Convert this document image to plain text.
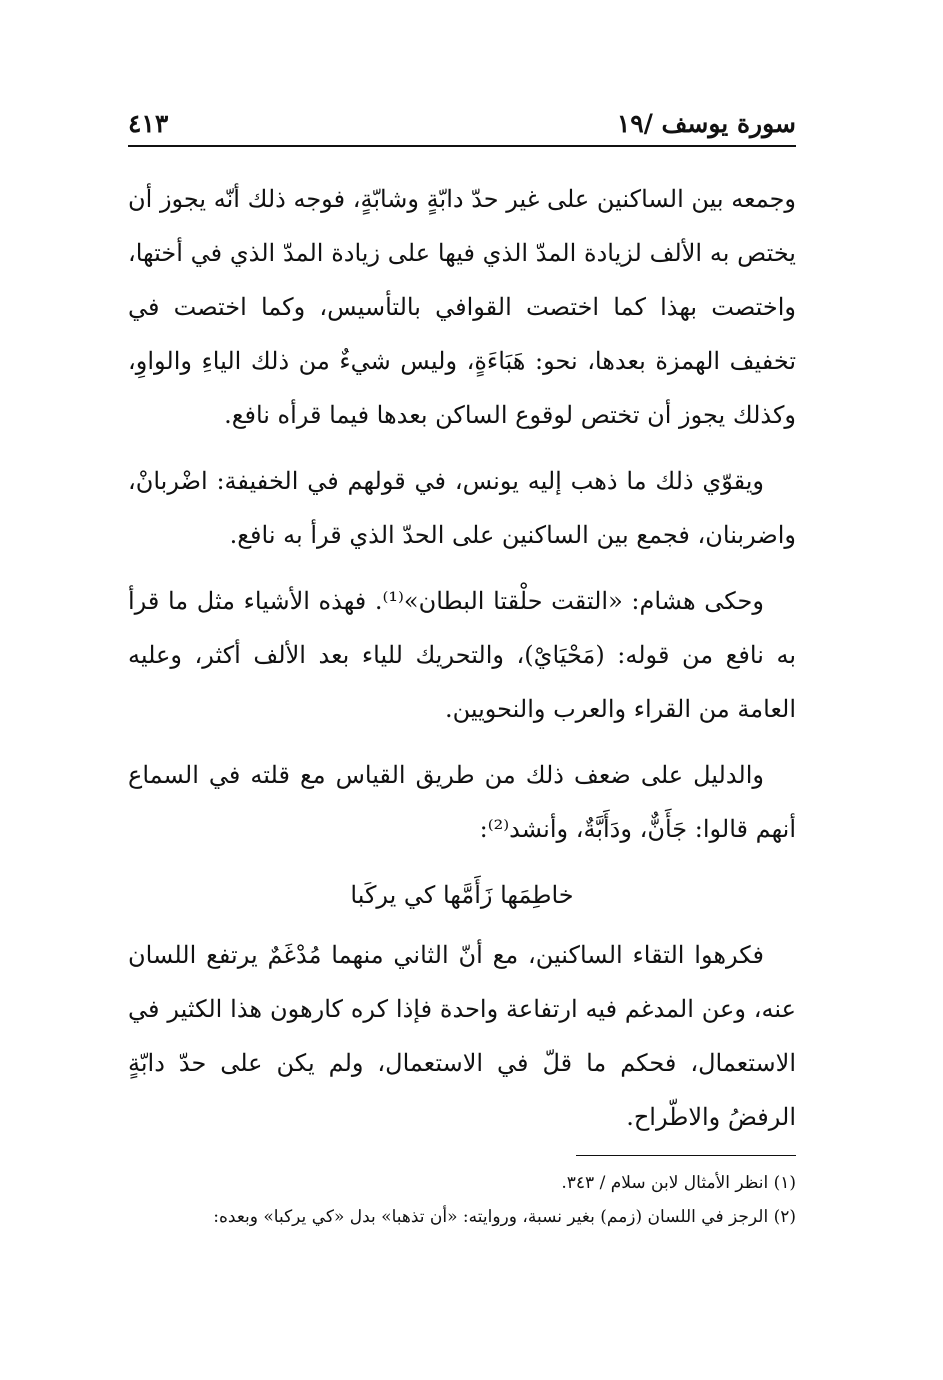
سورة يوسف /١٩
٤١٣

وجمعه بين الساكنين على غير حدّ دابّةٍ وشابّةٍ، فوجه ذلك أنّه يجوز أن يختص به الألف لزيادة المدّ الذي فيها على زيادة المدّ الذي في أختها، واختصت بهذا كما اختصت القوافي بالتأسيس، وكما اختصت في تخفيف الهمزة بعدها، نحو: هَبَاءَةٍ، وليس شيءٌ من ذلك الياءِ والواوِ، وكذلك يجوز أن تختص لوقوع الساكن بعدها فيما قرأه نافع.

ويقوّي ذلك ما ذهب إليه يونس، في قولهم في الخفيفة: اضْربانْ، واضربنان، فجمع بين الساكنين على الحدّ الذي قرأ به نافع.

وحكى هشام: «التقت حلْقتا البطان»⁽¹⁾. فهذه الأشياء مثل ما قرأ به نافع من قوله: (مَحْيَايْ)، والتحريك للياء بعد الألف أكثر، وعليه العامة من القراء والعرب والنحويين.

والدليل على ضعف ذلك من طريق القياس مع قلته في السماع أنهم قالوا: جَأَنٌّ، ودَأَبَّةٌ، وأنشد⁽²⁾:

خاطِمَها زَأَمَّها كي يركَبا

فكرهوا التقاء الساكنين، مع أنّ الثاني منهما مُدْغَمٌ يرتفع اللسان عنه، وعن المدغم فيه ارتفاعة واحدة فإذا كره كارهون هذا الكثير في الاستعمال، فحكم ما قلّ في الاستعمال، ولم يكن على حدّ دابّةٍ الرفضُ والاطّراح.

(١) انظر الأمثال لابن سلام / ٣٤٣.

(٢) الرجز في اللسان (زمم) بغير نسبة، وروايته: «أن تذهبا» بدل «كي يركبا» وبعده:
